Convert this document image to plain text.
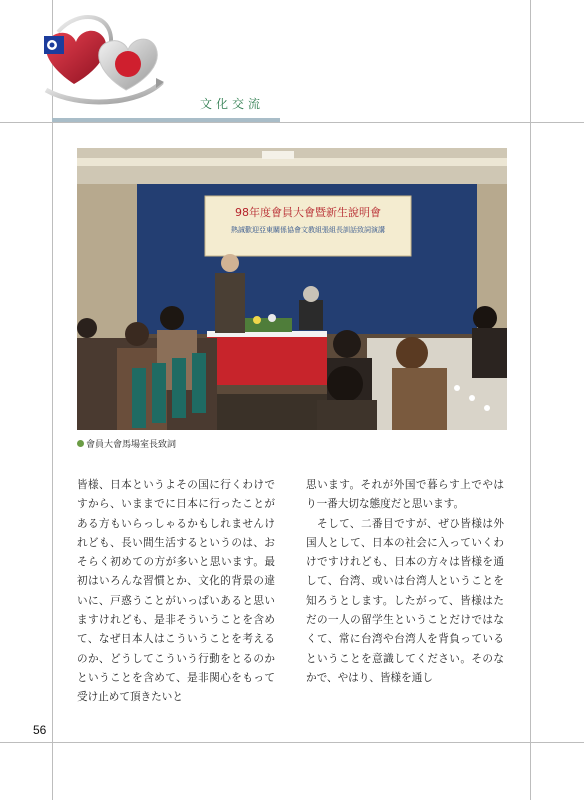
文化交流
98年度會員大會暨新生說明會
熱誠歡迎亞東關係協會文教組張組長訓話致詞演講
會員大會馬場室長致詞

皆様、日本というよその国に行くわけですから、いままでに日本に行ったことがある方もいらっしゃるかもしれませんけれども、長い間生活するというのは、おそらく初めての方が多いと思います。最初はいろんな習慣とか、文化的背景の違いに、戸惑うことがいっぱいあると思いますけれども、是非そういうことを含めて、なぜ日本人はこういうことを考えるのか、どうしてこういう行動をとるのかということを含めて、是非関心をもって受け止めて頂きたいと

思います。それが外国で暮らす上でやはり一番大切な態度だと思います。

　そして、二番目ですが、ぜひ皆様は外国人として、日本の社会に入っていくわけですけれども、日本の方々は皆様を通して、台湾、或いは台湾人ということを知ろうとします。したがって、皆様はただの一人の留学生ということだけではなくて、常に台湾や台湾人を背負っているということを意識してください。そのなかで、やはり、皆様を通し

56
